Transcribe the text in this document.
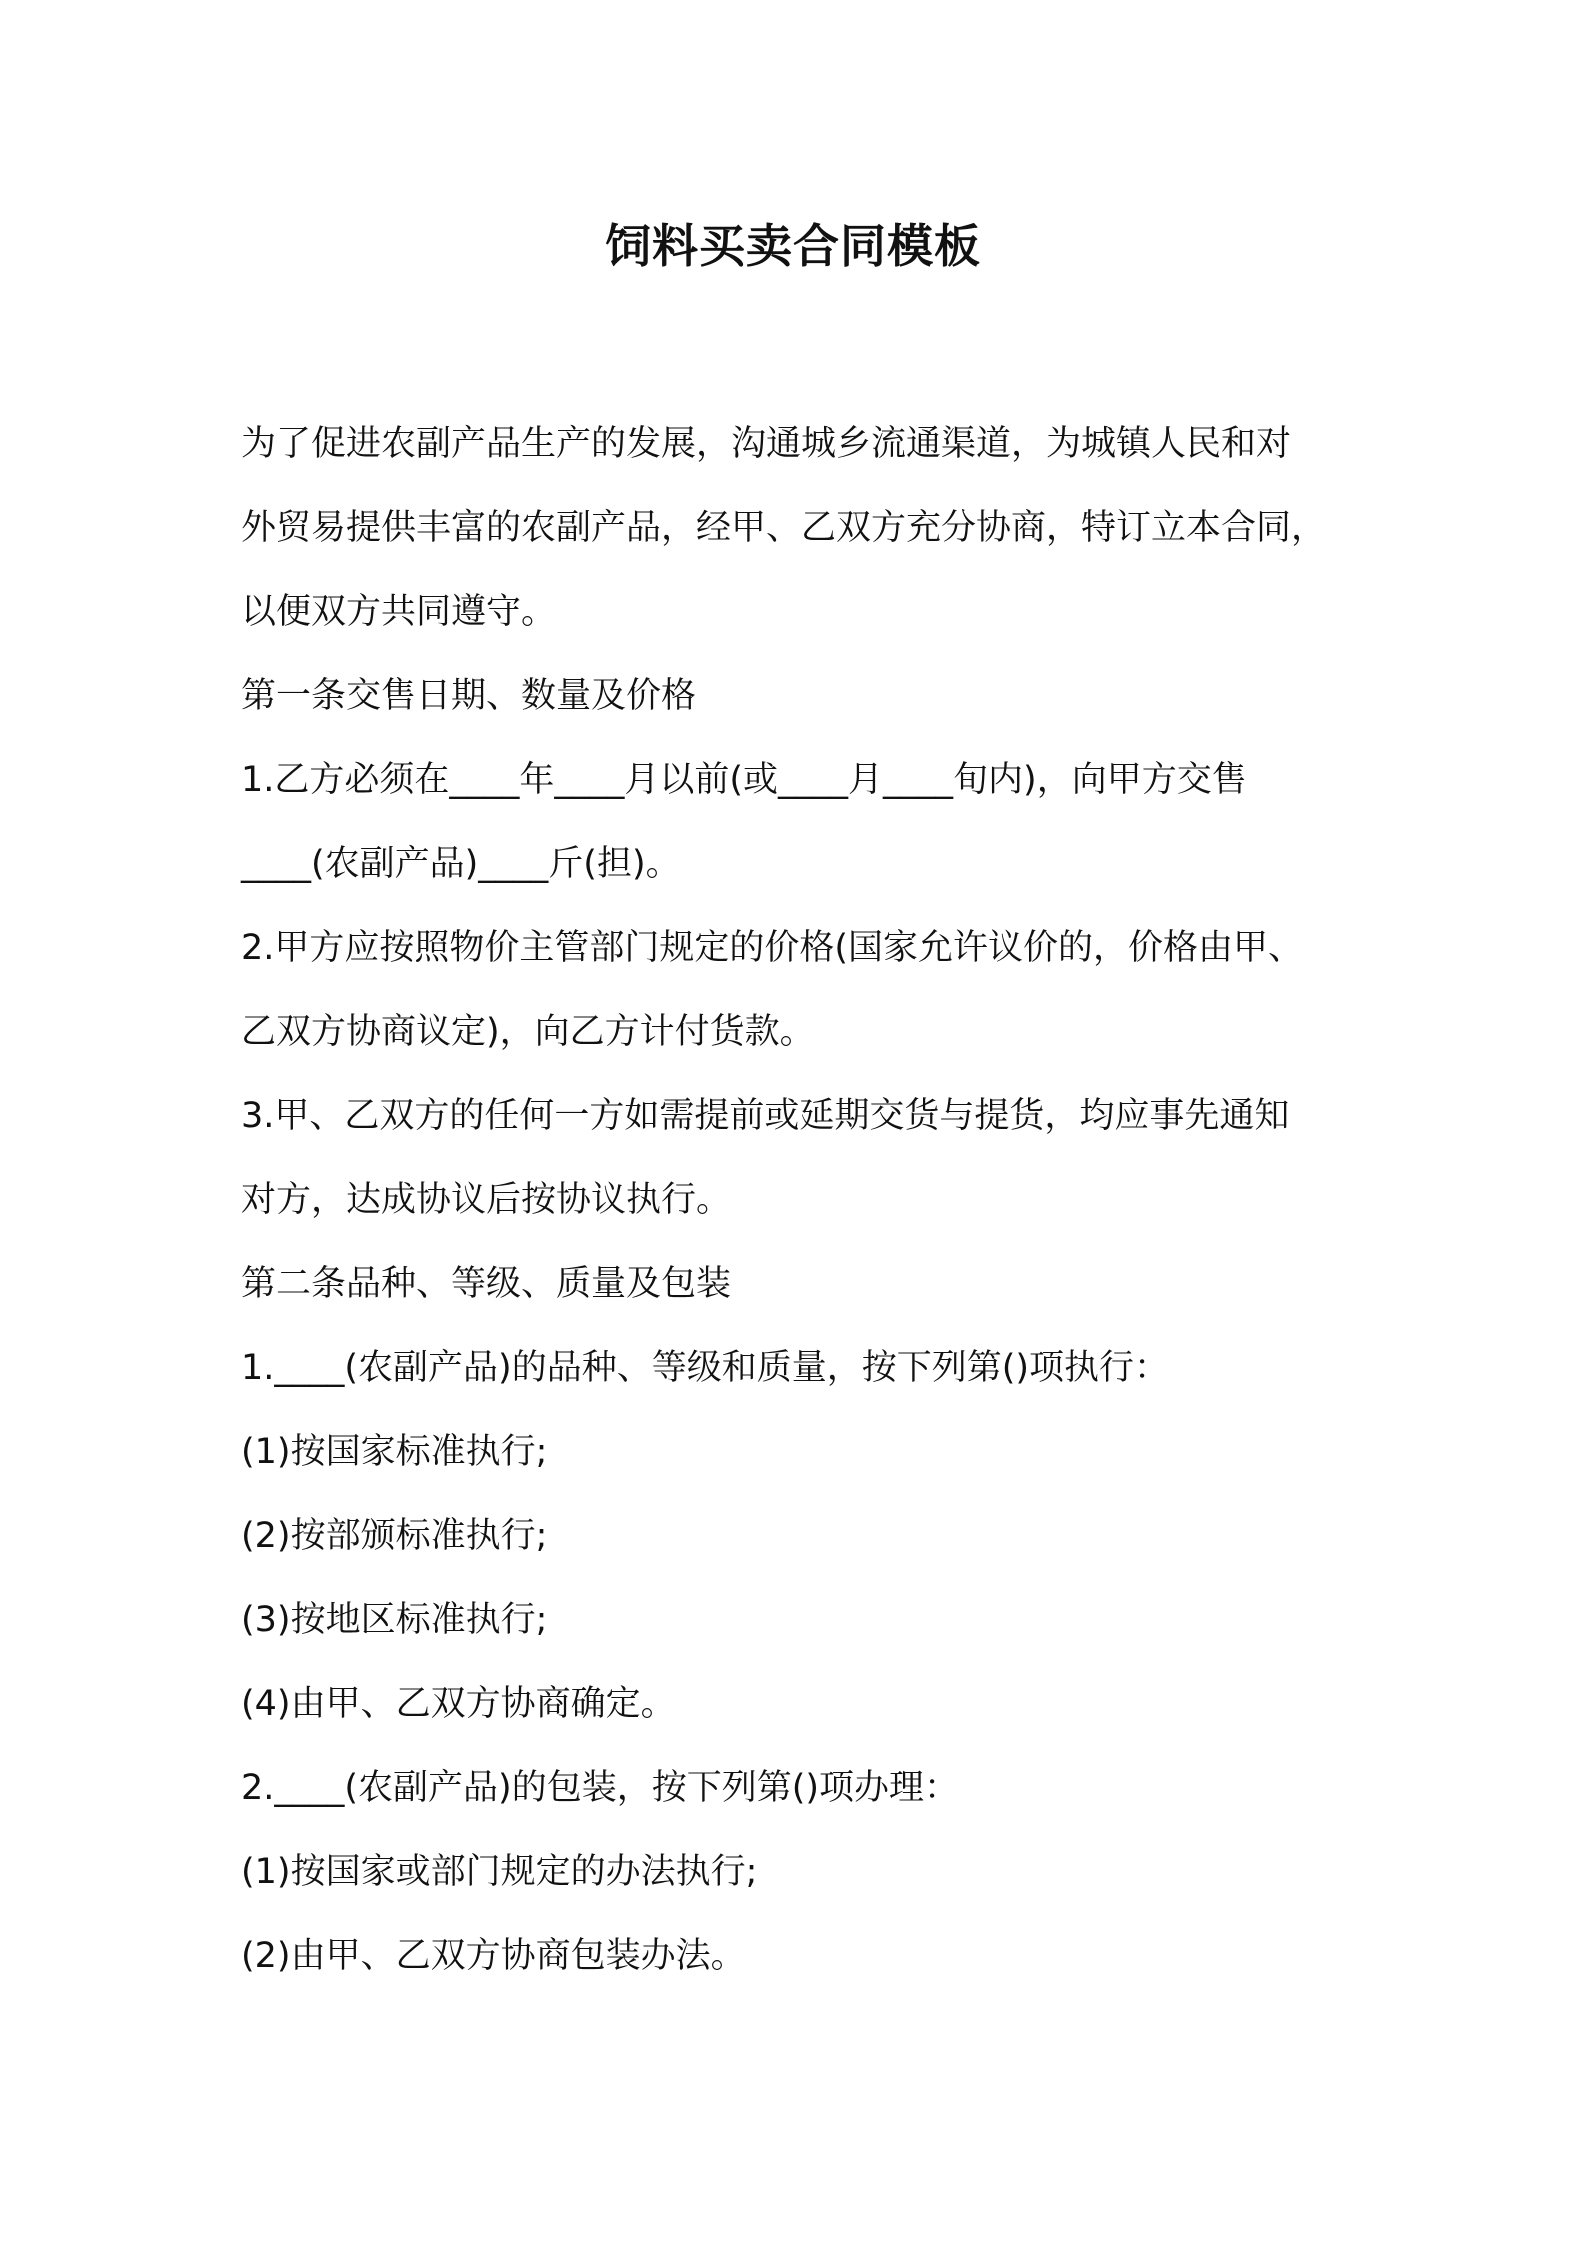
饲料买卖合同模板

为了促进农副产品生产的发展，沟通城乡流通渠道，为城镇人民和对

外贸易提供丰富的农副产品，经甲、乙双方充分协商，特订立本合同，

以便双方共同遵守。

第一条交售日期、数量及价格

1.乙方必须在____年____月以前(或____月____旬内)，向甲方交售

____(农副产品)____斤(担)。

2.甲方应按照物价主管部门规定的价格(国家允许议价的，价格由甲、

乙双方协商议定)，向乙方计付货款。

3.甲、乙双方的任何一方如需提前或延期交货与提货，均应事先通知

对方，达成协议后按协议执行。

第二条品种、等级、质量及包装

1.____(农副产品)的品种、等级和质量，按下列第()项执行：

(1)按国家标准执行;

(2)按部颁标准执行;

(3)按地区标准执行;

(4)由甲、乙双方协商确定。

2.____(农副产品)的包装，按下列第()项办理：

(1)按国家或部门规定的办法执行;

(2)由甲、乙双方协商包装办法。
